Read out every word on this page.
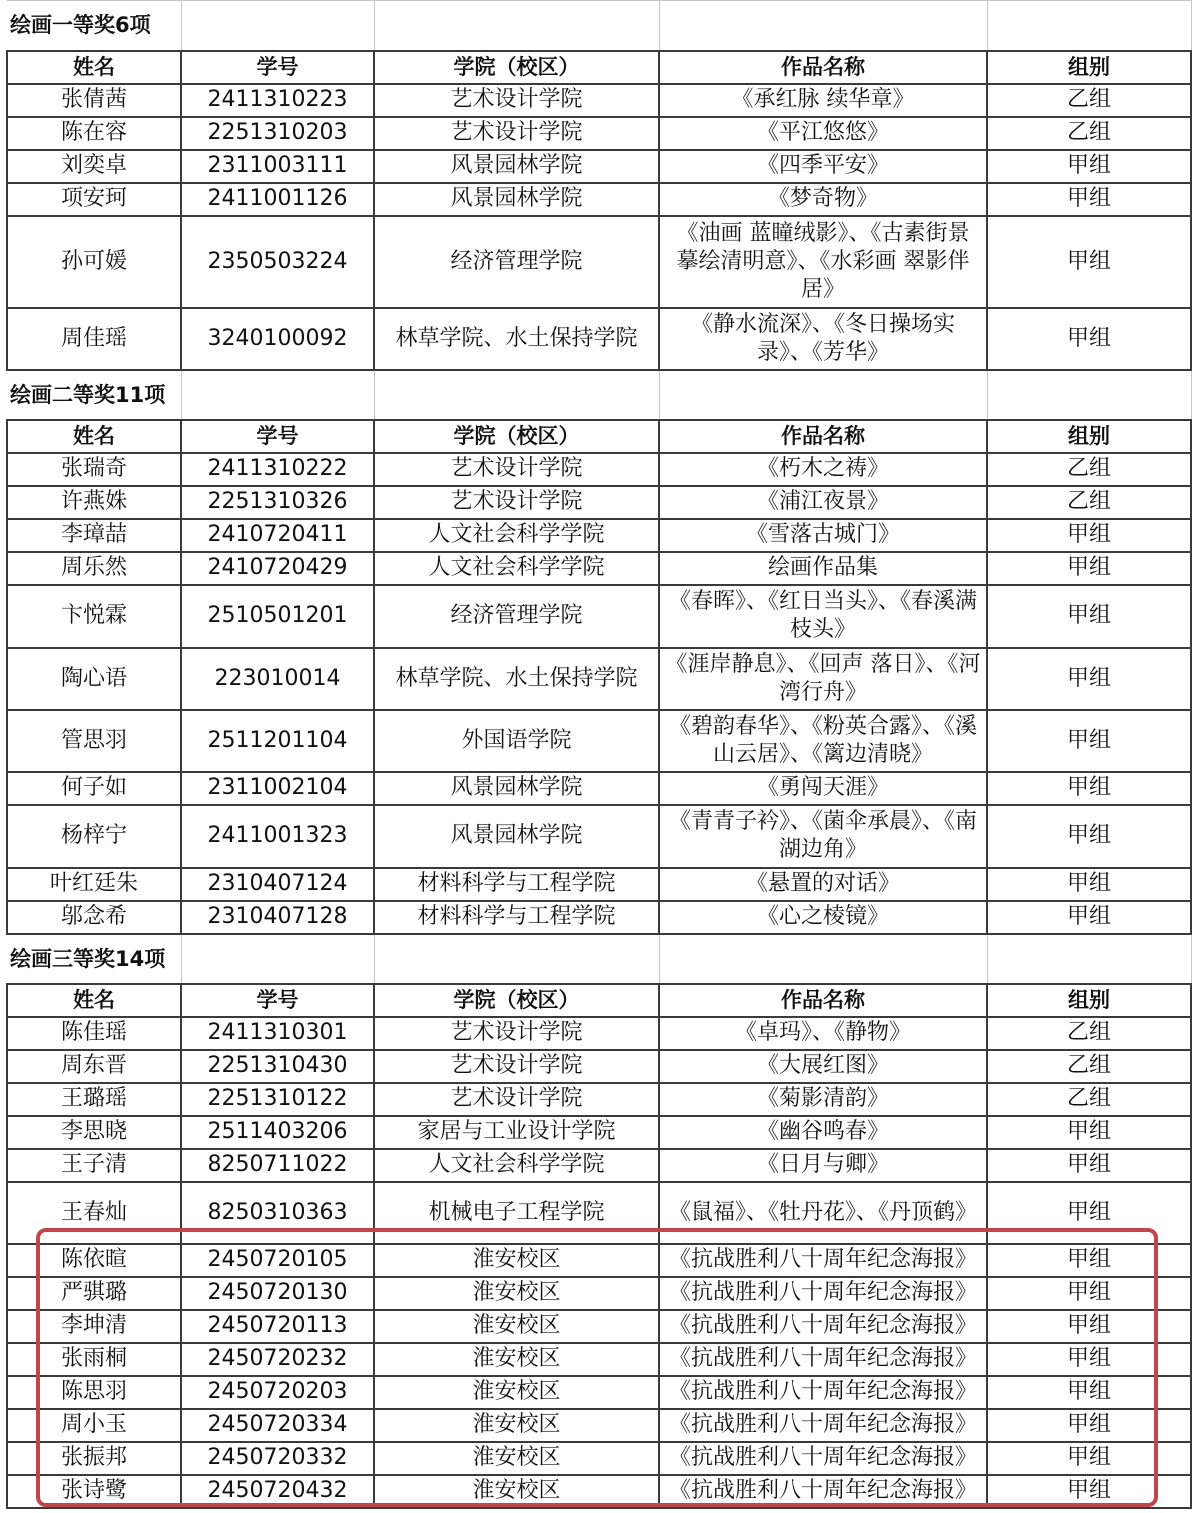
绘画一等奖6项				
姓名	学号	学院（校区）	作品名称	组别
张倩茜	2411310223	艺术设计学院	《承红脉 续华章》	乙组
陈在容	2251310203	艺术设计学院	《平江悠悠》	乙组
刘奕卓	2311003111	风景园林学院	《四季平安》	甲组
项安珂	2411001126	风景园林学院	《梦奇物》	甲组
孙可媛	2350503224	经济管理学院	《油画 蓝瞳绒影》、《古素街景 摹绘清明意》、《水彩画 翠影伴居》	甲组
周佳瑶	3240100092	林草学院、水土保持学院	《静水流深》、《冬日操场实录》、《芳华》	甲组
绘画二等奖11项				
姓名	学号	学院（校区）	作品名称	组别
张瑞奇	2411310222	艺术设计学院	《朽木之祷》	乙组
许燕姝	2251310326	艺术设计学院	《浦江夜景》	乙组
李璋喆	2410720411	人文社会科学学院	《雪落古城门》	甲组
周乐然	2410720429	人文社会科学学院	绘画作品集	甲组
卞悦霖	2510501201	经济管理学院	《春晖》、《红日当头》、《春溪满枝头》	甲组
陶心语	223010014	林草学院、水土保持学院	《涯岸静息》、《回声 落日》、《河湾行舟》	甲组
管思羽	2511201104	外国语学院	《碧韵春华》、《粉英合露》、《溪山云居》、《篱边清晓》	甲组
何子如	2311002104	风景园林学院	《勇闯天涯》	甲组
杨梓宁	2411001323	风景园林学院	《青青子衿》、《菌伞承晨》、《南湖边角》	甲组
叶红廷朱	2310407124	材料科学与工程学院	《悬置的对话》	甲组
邬念希	2310407128	材料科学与工程学院	《心之棱镜》	甲组
绘画三等奖14项				
姓名	学号	学院（校区）	作品名称	组别
陈佳瑶	2411310301	艺术设计学院	《卓玛》、《静物》	乙组
周东晋	2251310430	艺术设计学院	《大展红图》	乙组
王璐瑶	2251310122	艺术设计学院	《菊影清韵》	乙组
李思晓	2511403206	家居与工业设计学院	《幽谷鸣春》	甲组
王子清	8250711022	人文社会科学学院	《日月与卿》	甲组
王春灿	8250310363	机械电子工程学院	《鼠福》、《牡丹花》、《丹顶鹤》	甲组
陈依暄	2450720105	淮安校区	《抗战胜利八十周年纪念海报》	甲组
严骐璐	2450720130	淮安校区	《抗战胜利八十周年纪念海报》	甲组
李坤清	2450720113	淮安校区	《抗战胜利八十周年纪念海报》	甲组
张雨桐	2450720232	淮安校区	《抗战胜利八十周年纪念海报》	甲组
陈思羽	2450720203	淮安校区	《抗战胜利八十周年纪念海报》	甲组
周小玉	2450720334	淮安校区	《抗战胜利八十周年纪念海报》	甲组
张振邦	2450720332	淮安校区	《抗战胜利八十周年纪念海报》	甲组
张诗鹭	2450720432	淮安校区	《抗战胜利八十周年纪念海报》	甲组
